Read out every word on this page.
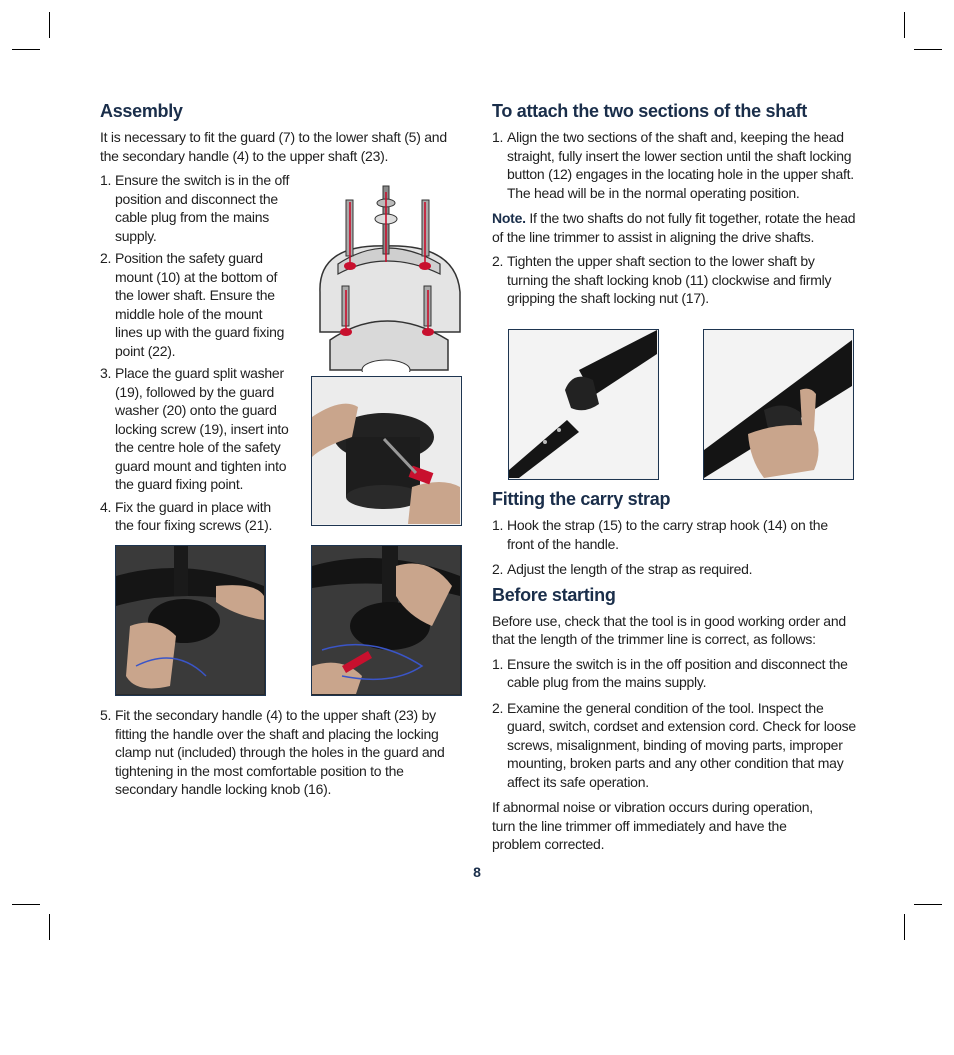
Assembly

It is necessary to fit the guard (7) to the lower shaft (5) and the secondary handle (4) to the upper shaft (23).

1. Ensure the switch is in the off position and disconnect the cable plug from the mains supply.
2. Position the safety guard mount (10) at the bottom of the lower shaft. Ensure the middle hole of the mount lines up with the guard fixing point (22).
3. Place the guard split washer (19), followed by the guard washer (20) onto the guard locking screw (19), insert into the centre hole of the safety guard mount and tighten into the guard fixing point.
4. Fix the guard in place with the four fixing screws (21).
5. Fit the secondary handle (4) to the upper shaft (23) by fitting the handle over the shaft and placing the locking clamp nut (included) through the holes in the guard and tightening in the most comfortable position to the secondary handle locking knob (16).
To attach the two sections of the shaft
1. Align the two sections of the shaft and, keeping the head straight, fully insert the lower section until the shaft locking button (12) engages in the locating hole in the upper shaft. The head will be in the normal operating position.

Note. If the two shafts do not fully fit together, rotate the head of the line trimmer to assist in aligning the drive shafts.

2. Tighten the upper shaft section to the lower shaft by turning the shaft locking knob (11) clockwise and firmly gripping the shaft locking nut (17).
Fitting the carry strap
1. Hook the strap (15) to the carry strap hook (14) on the front of the handle.
2. Adjust the length of the strap as required.
Before starting

Before use, check that the tool is in good working order and that the length of the trimmer line is correct, as follows:

1. Ensure the switch is in the off position and disconnect the cable plug from the mains supply.
2. Examine the general condition of the tool. Inspect the guard, switch, cordset and extension cord. Check for loose screws, misalignment, binding of moving parts, improper mounting, broken parts and any other condition that may affect its safe operation.

If abnormal noise or vibration occurs during operation, turn the line trimmer off immediately and have the problem corrected.

8
